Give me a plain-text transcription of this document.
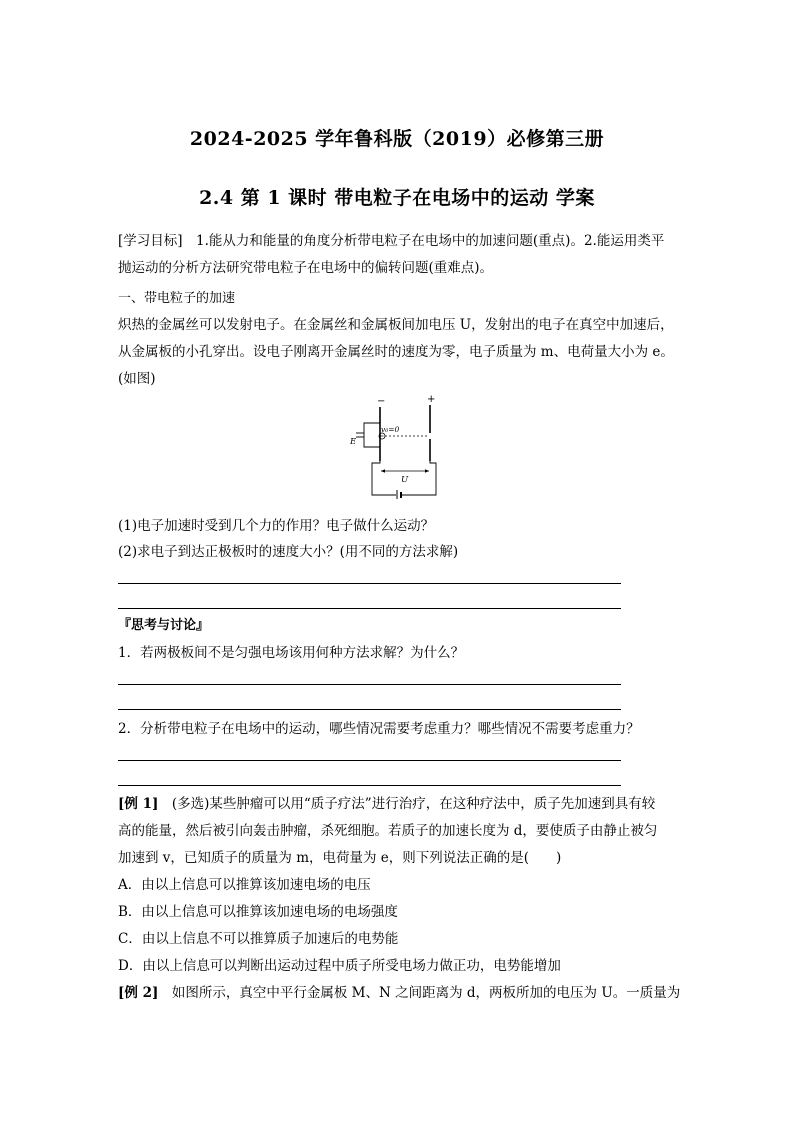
2024-2025 学年鲁科版（2019）必修第三册
2.4 第 1 课时 带电粒子在电场中的运动 学案
[学习目标]　1.能从力和能量的角度分析带电粒子在电场中的加速问题(重点)。2.能运用类平
抛运动的分析方法研究带电粒子在电场中的偏转问题(重难点)。
一、带电粒子的加速
炽热的金属丝可以发射电子。在金属丝和金属板间加电压 U，发射出的电子在真空中加速后，
从金属板的小孔穿出。设电子刚离开金属丝时的速度为零，电子质量为 m、电荷量大小为 e。
(如图)
−	+
v₀=0
E
U
(1)电子加速时受到几个力的作用？电子做什么运动？
(2)求电子到达正极板时的速度大小？(用不同的方法求解)
『思考与讨论』
1．若两极板间不是匀强电场该用何种方法求解？为什么？
2．分析带电粒子在电场中的运动，哪些情况需要考虑重力？哪些情况不需要考虑重力？
[例 1]　(多选)某些肿瘤可以用“质子疗法”进行治疗，在这种疗法中，质子先加速到具有较
高的能量，然后被引向轰击肿瘤，杀死细胞。若质子的加速长度为 d，要使质子由静止被匀
加速到 v，已知质子的质量为 m，电荷量为 e，则下列说法正确的是(　　)
A．由以上信息可以推算该加速电场的电压
B．由以上信息可以推算该加速电场的电场强度
C．由以上信息不可以推算质子加速后的电势能
D．由以上信息可以判断出运动过程中质子所受电场力做正功，电势能增加
[例 2]　如图所示，真空中平行金属板 M、N 之间距离为 d，两板所加的电压为 U。一质量为
